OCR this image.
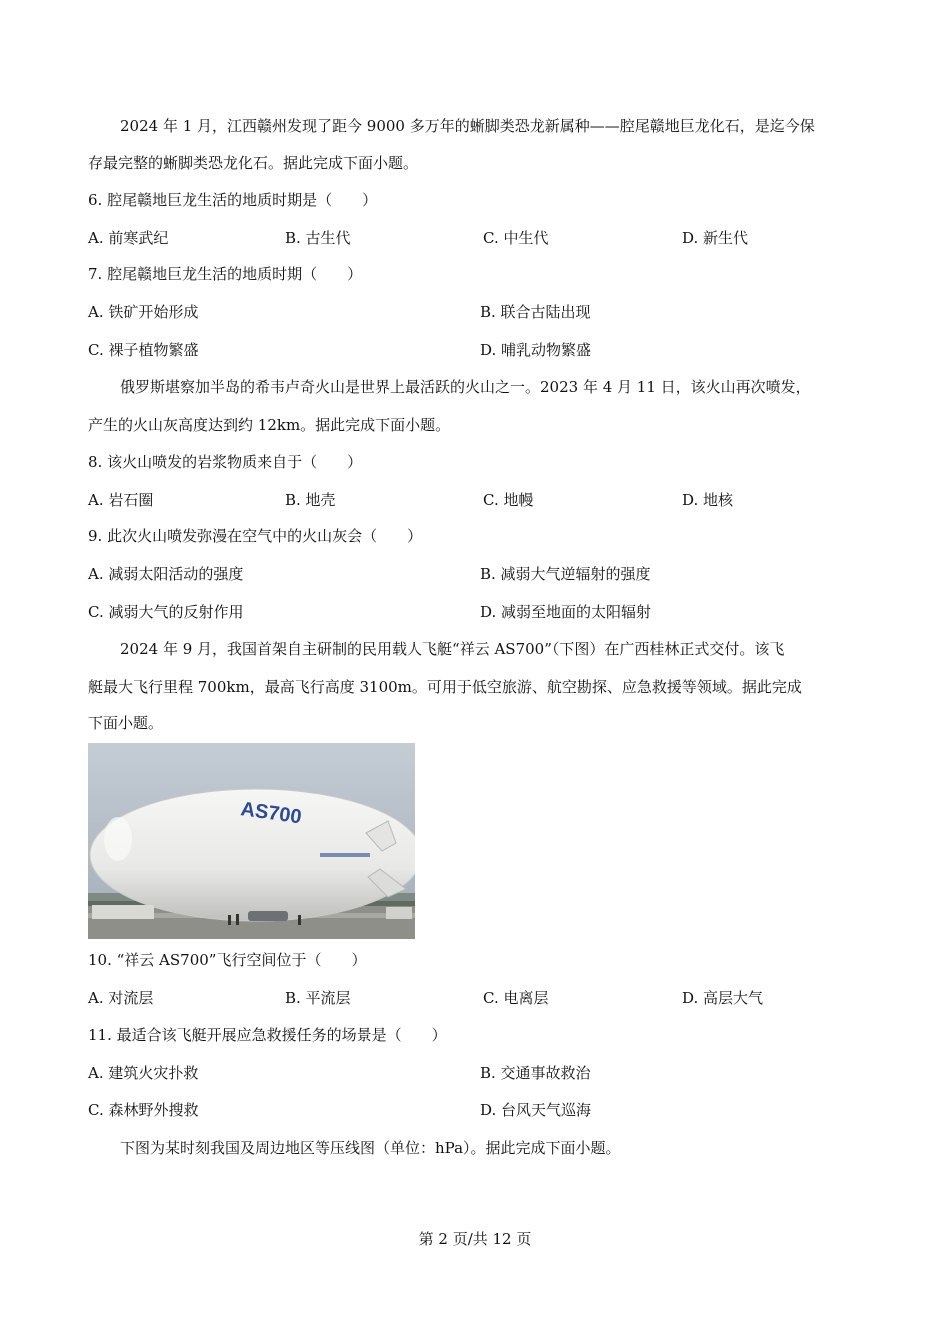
2024 年 1 月，江西赣州发现了距今 9000 多万年的蜥脚类恐龙新属种——腔尾赣地巨龙化石，是迄今保
存最完整的蜥脚类恐龙化石。据此完成下面小题。
6. 腔尾赣地巨龙生活的地质时期是（　　）
A. 前寒武纪	B. 古生代	C. 中生代	D. 新生代
7. 腔尾赣地巨龙生活的地质时期（　　）
A. 铁矿开始形成	B. 联合古陆出现
C. 裸子植物繁盛	D. 哺乳动物繁盛
俄罗斯堪察加半岛的希韦卢奇火山是世界上最活跃的火山之一。2023 年 4 月 11 日，该火山再次喷发，
产生的火山灰高度达到约 12km。据此完成下面小题。
8. 该火山喷发的岩浆物质来自于（　　）
A. 岩石圈	B. 地壳	C. 地幔	D. 地核
9. 此次火山喷发弥漫在空气中的火山灰会（　　）
A. 减弱太阳活动的强度	B. 减弱大气逆辐射的强度
C. 减弱大气的反射作用	D. 减弱至地面的太阳辐射
2024 年 9 月，我国首架自主研制的民用载人飞艇“祥云 AS700”（下图）在广西桂林正式交付。该飞
艇最大飞行里程 700km，最高飞行高度 3100m。可用于低空旅游、航空勘探、应急救援等领域。据此完成
下面小题。
AS700
10. “祥云 AS700”飞行空间位于（　　）
A. 对流层	B. 平流层	C. 电离层	D. 高层大气
11. 最适合该飞艇开展应急救援任务的场景是（　　）
A. 建筑火灾扑救	B. 交通事故救治
C. 森林野外搜救	D. 台风天气巡海
下图为某时刻我国及周边地区等压线图（单位：hPa）。据此完成下面小题。
第 2 页/共 12 页
